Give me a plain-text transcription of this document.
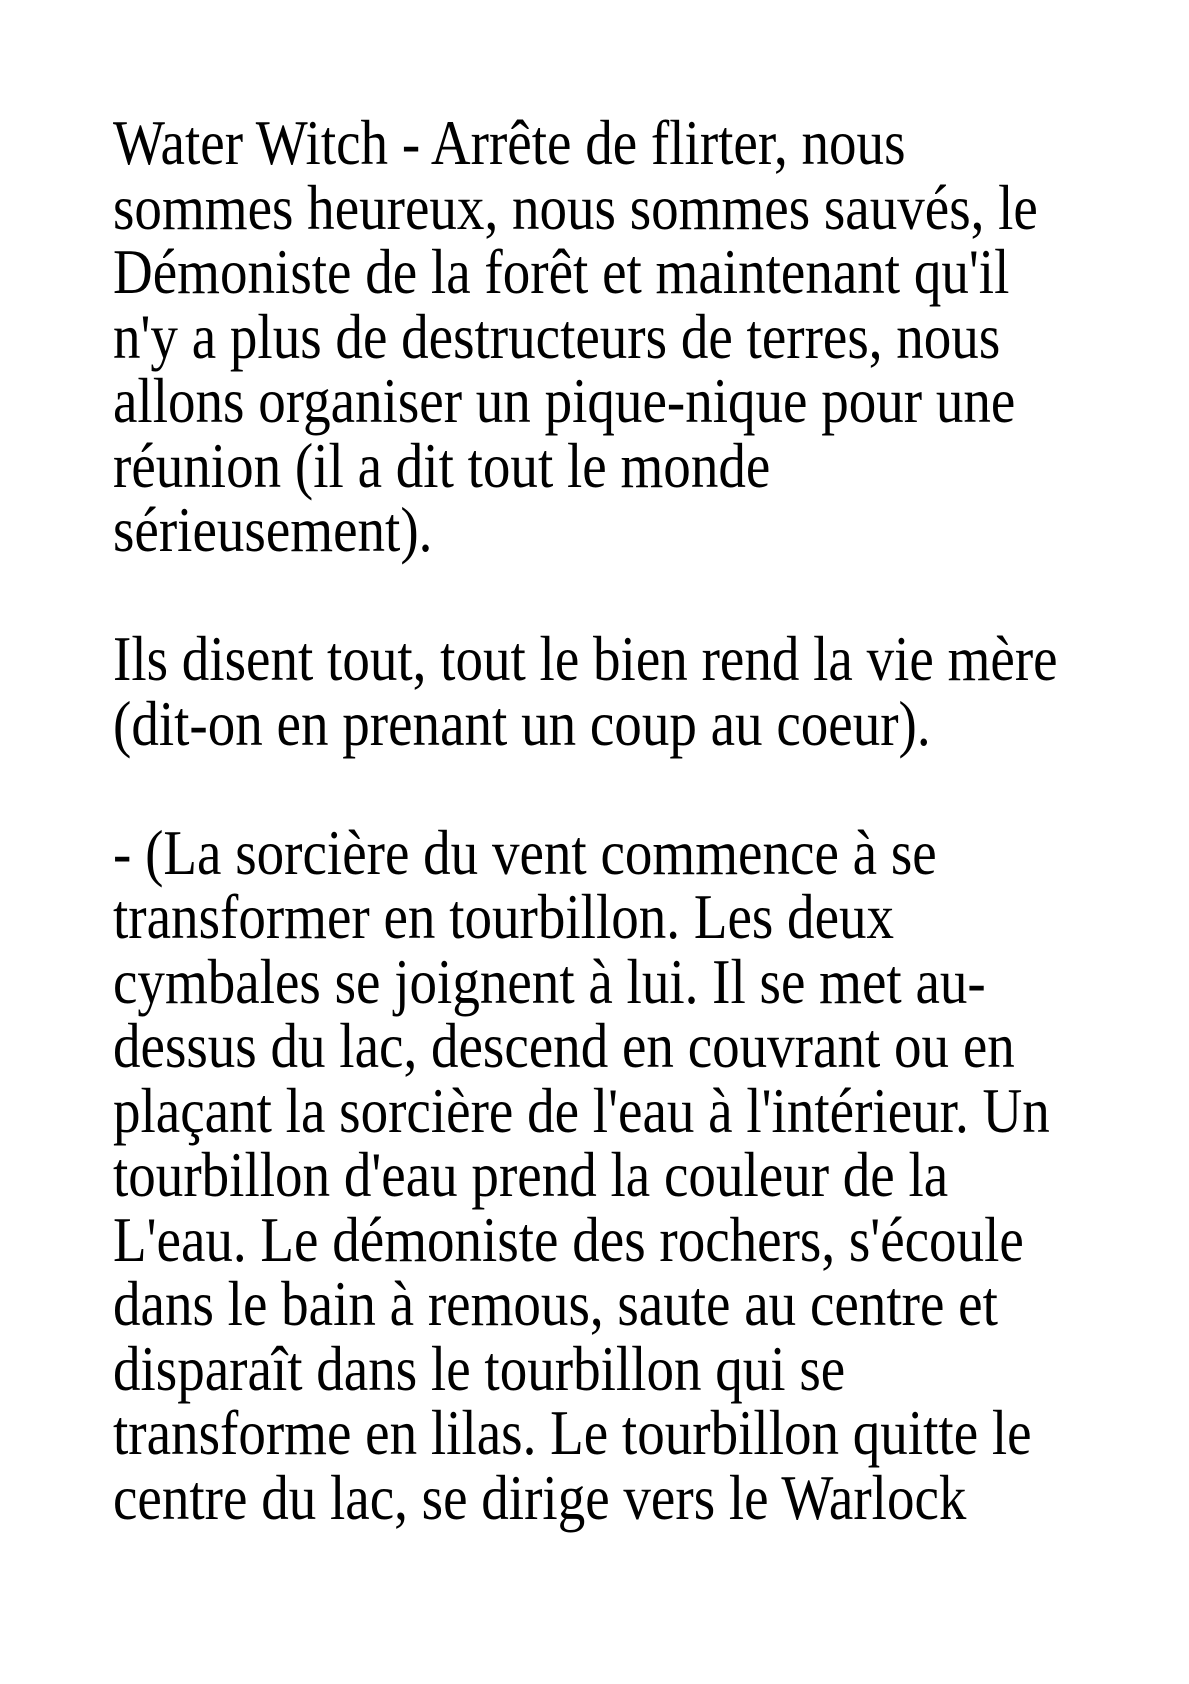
Water Witch - Arrête de flirter, nous
sommes heureux, nous sommes sauvés, le
Démoniste de la forêt et maintenant qu'il
n'y a plus de destructeurs de terres, nous
allons organiser un pique-nique pour une
réunion (il a dit tout le monde
sérieusement).
Ils disent tout, tout le bien rend la vie mère
(dit-on en prenant un coup au coeur).
- (La sorcière du vent commence à se
transformer en tourbillon. Les deux
cymbales se joignent à lui. Il se met au-
dessus du lac, descend en couvrant ou en
plaçant la sorcière de l'eau à l'intérieur. Un
tourbillon d'eau prend la couleur de la
L'eau. Le démoniste des rochers, s'écoule
dans le bain à remous, saute au centre et
disparaît dans le tourbillon qui se
transforme en lilas. Le tourbillon quitte le
centre du lac, se dirige vers le Warlock
